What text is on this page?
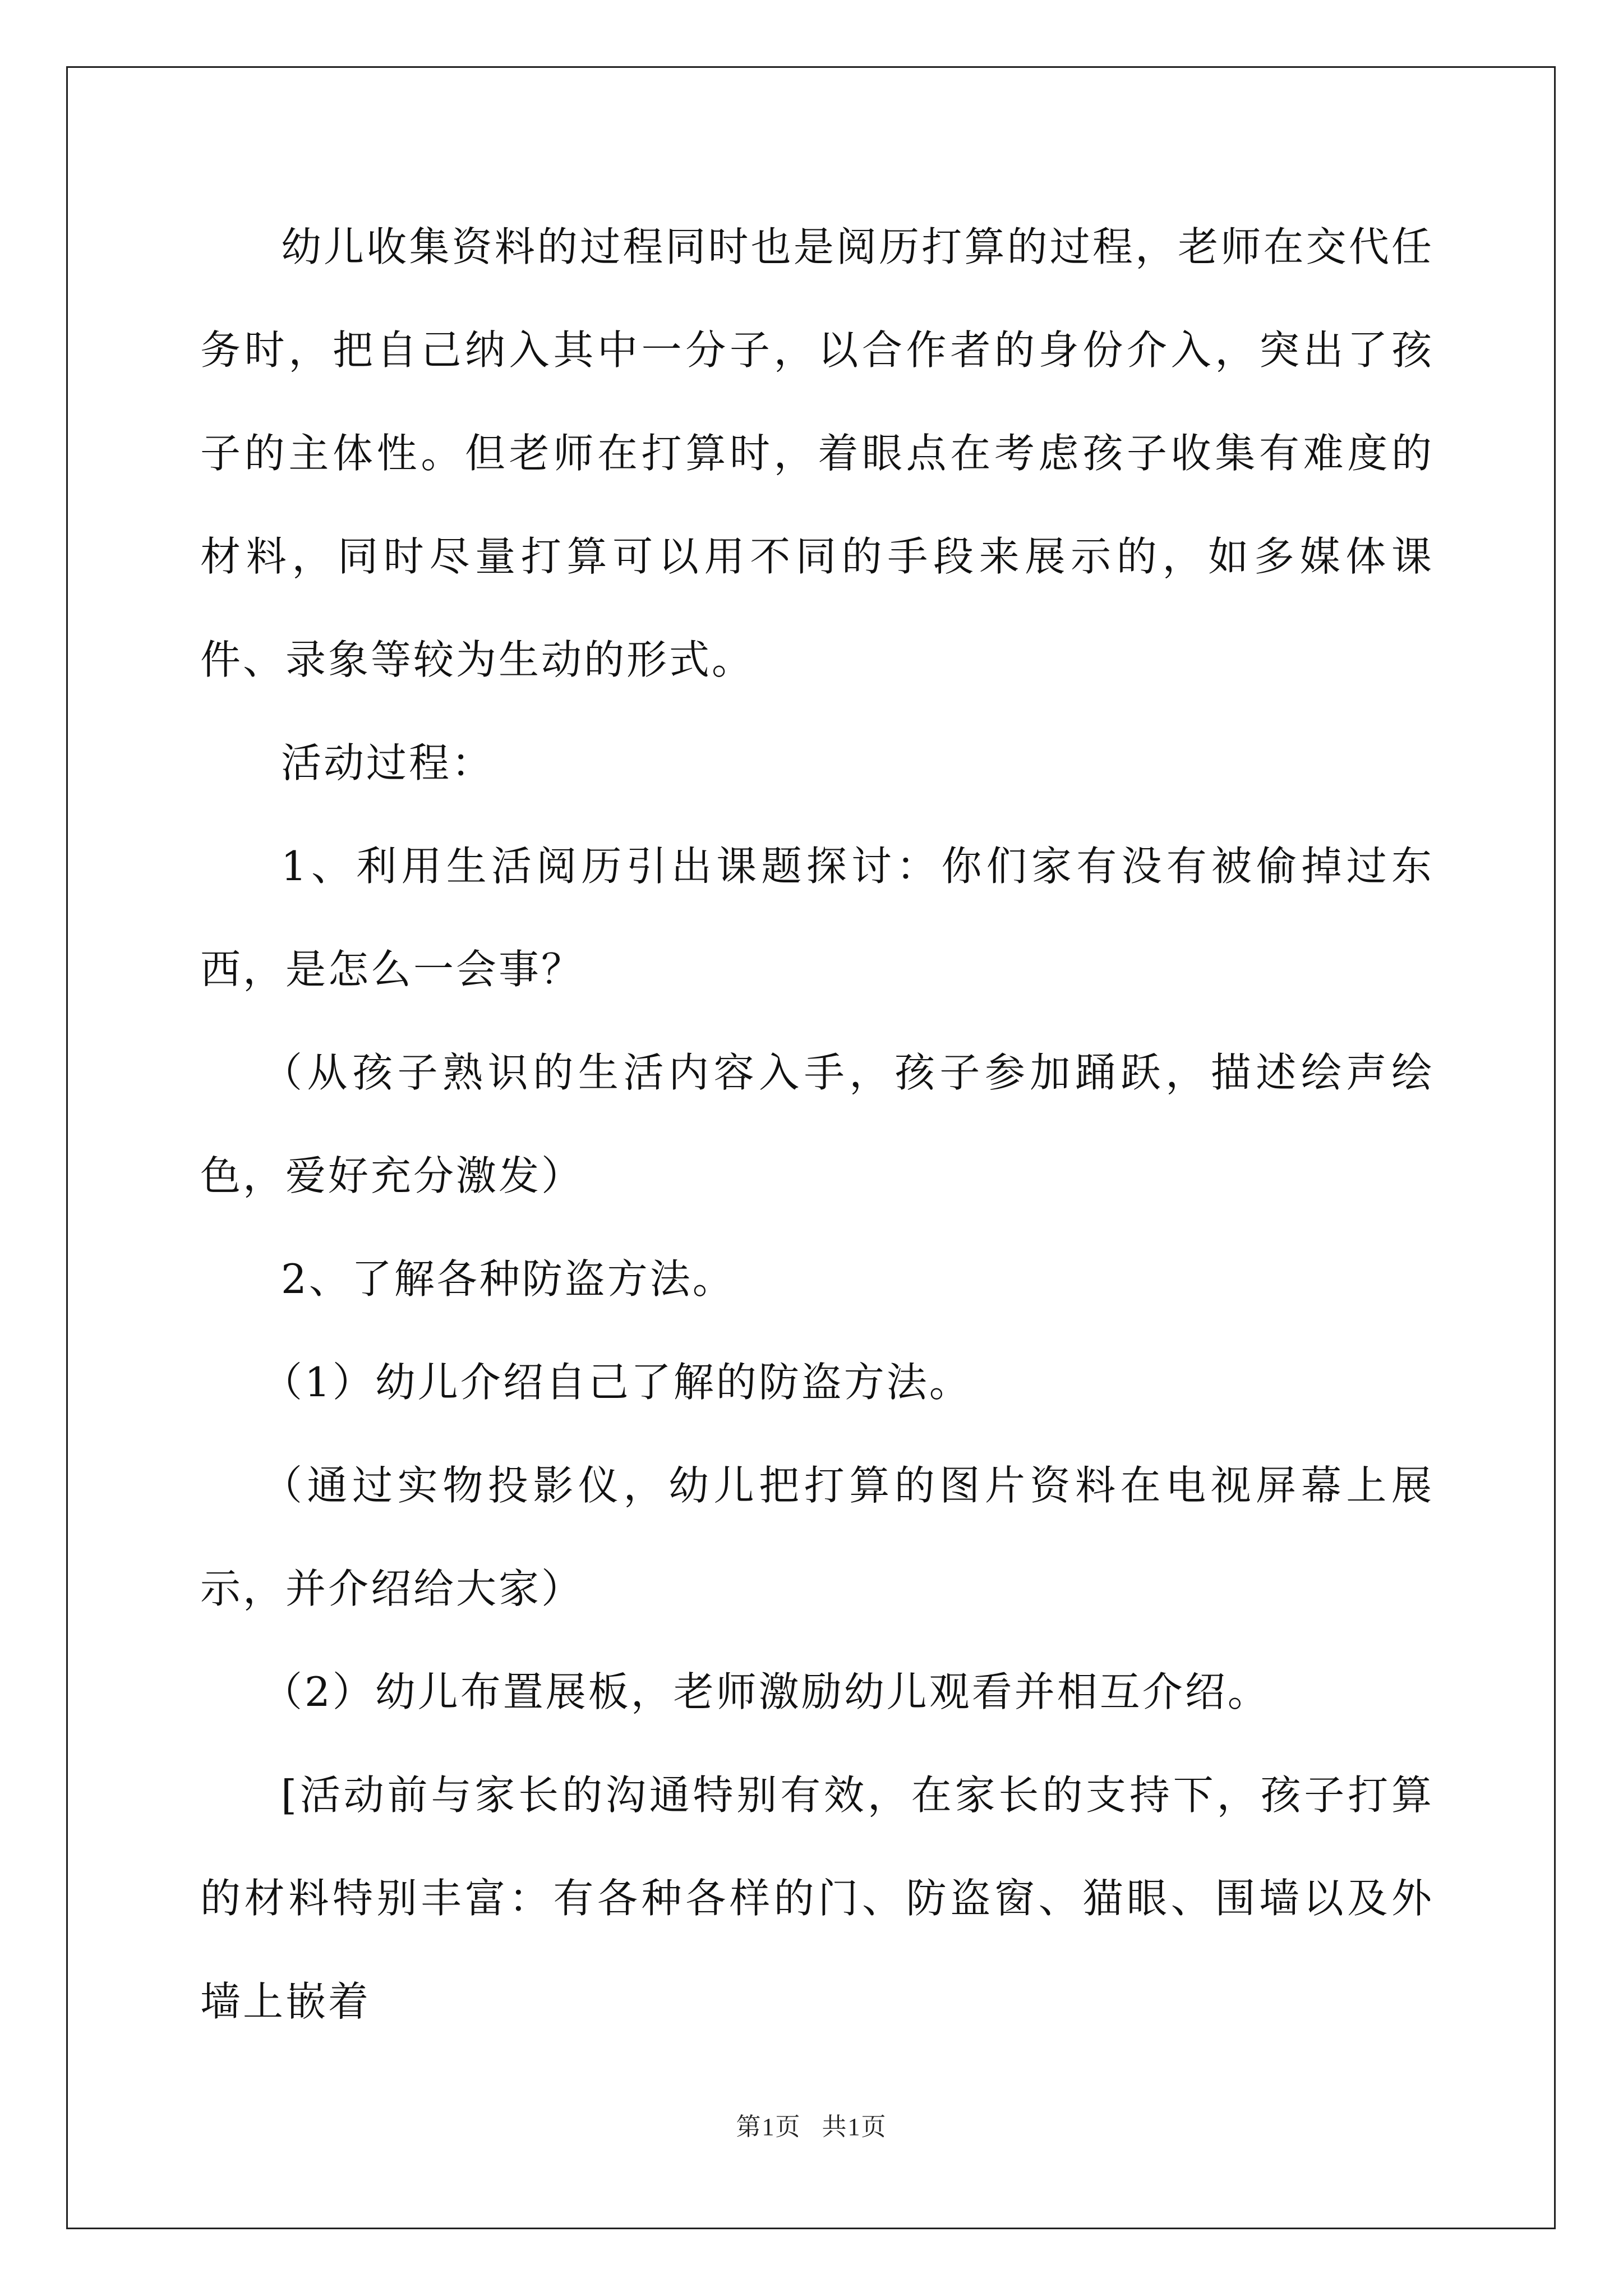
幼儿收集资料的过程同时也是阅历打算的过程，老师在交代任务时，把自己纳入其中一分子，以合作者的身份介入，突出了孩子的主体性。但老师在打算时，着眼点在考虑孩子收集有难度的材料，同时尽量打算可以用不同的手段来展示的，如多媒体课件、录象等较为生动的形式。

活动过程：

1、利用生活阅历引出课题探讨：你们家有没有被偷掉过东西，是怎么一会事？

（从孩子熟识的生活内容入手，孩子参加踊跃，描述绘声绘色，爱好充分激发）

2、了解各种防盗方法。

（1）幼儿介绍自己了解的防盗方法。

（通过实物投影仪，幼儿把打算的图片资料在电视屏幕上展示，并介绍给大家）

（2）幼儿布置展板，老师激励幼儿观看并相互介绍。

[活动前与家长的沟通特别有效，在家长的支持下，孩子打算的材料特别丰富：有各种各样的门、防盗窗、猫眼、围墙以及外墙上嵌着

第1页 共1页
